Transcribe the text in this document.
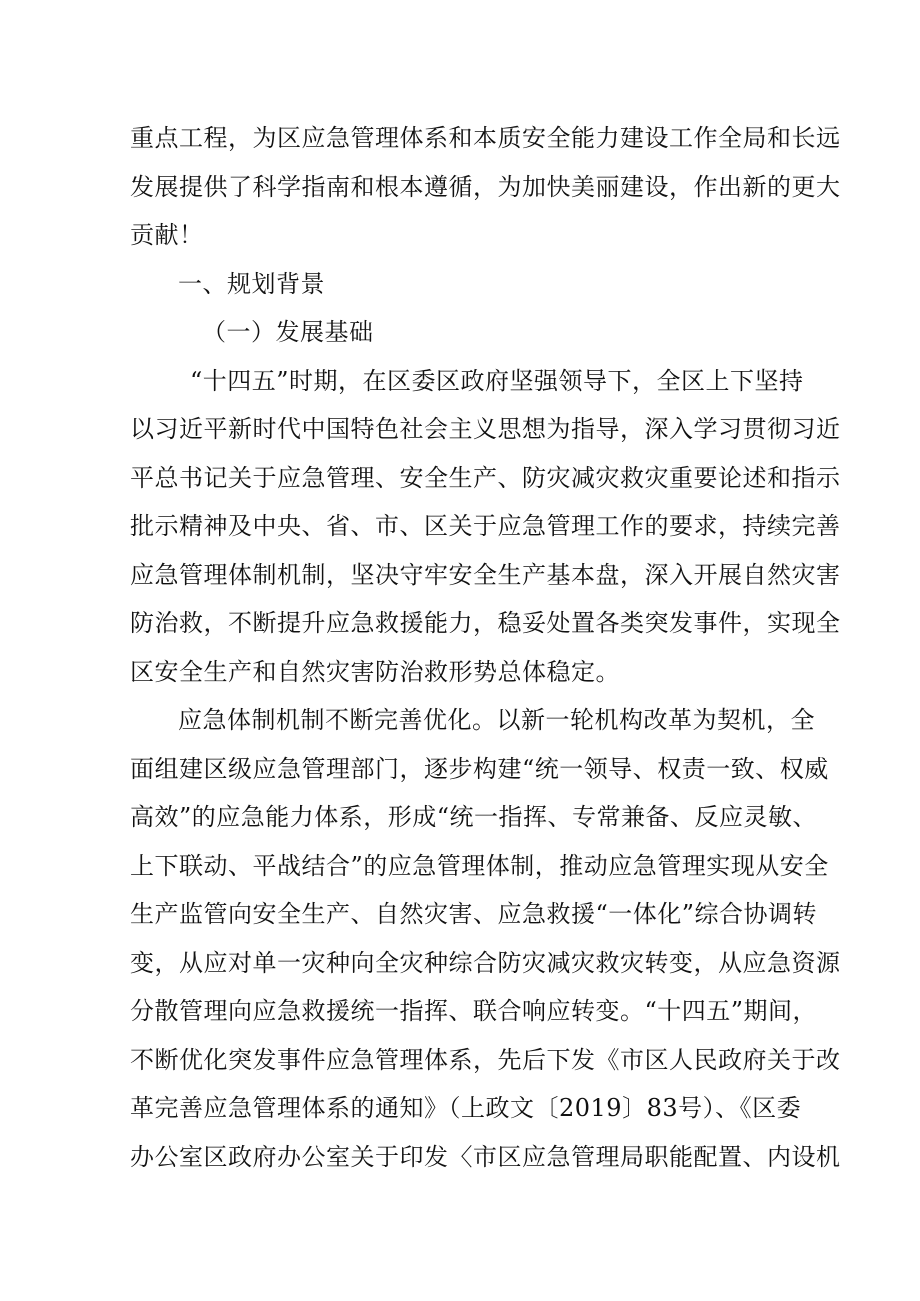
重点工程，为区应急管理体系和本质安全能力建设工作全局和长远
发展提供了科学指南和根本遵循，为加快美丽建设，作出新的更大
贡献！
一、规划背景
（一）发展基础
“十四五”时期，在区委区政府坚强领导下，全区上下坚持
以习近平新时代中国特色社会主义思想为指导，深入学习贯彻习近
平总书记关于应急管理、安全生产、防灾减灾救灾重要论述和指示
批示精神及中央、省、市、区关于应急管理工作的要求，持续完善
应急管理体制机制，坚决守牢安全生产基本盘，深入开展自然灾害
防治救，不断提升应急救援能力，稳妥处置各类突发事件，实现全
区安全生产和自然灾害防治救形势总体稳定。
应急体制机制不断完善优化。以新一轮机构改革为契机，全
面组建区级应急管理部门，逐步构建“统一领导、权责一致、权威
高效”的应急能力体系，形成“统一指挥、专常兼备、反应灵敏、
上下联动、平战结合”的应急管理体制，推动应急管理实现从安全
生产监管向安全生产、自然灾害、应急救援“一体化”综合协调转
变，从应对单一灾种向全灾种综合防灾减灾救灾转变，从应急资源
分散管理向应急救援统一指挥、联合响应转变。“十四五”期间，
不断优化突发事件应急管理体系，先后下发《市区人民政府关于改
革完善应急管理体系的通知》（上政文〔2019〕83号）、《区委
办公室区政府办公室关于印发〈市区应急管理局职能配置、内设机
